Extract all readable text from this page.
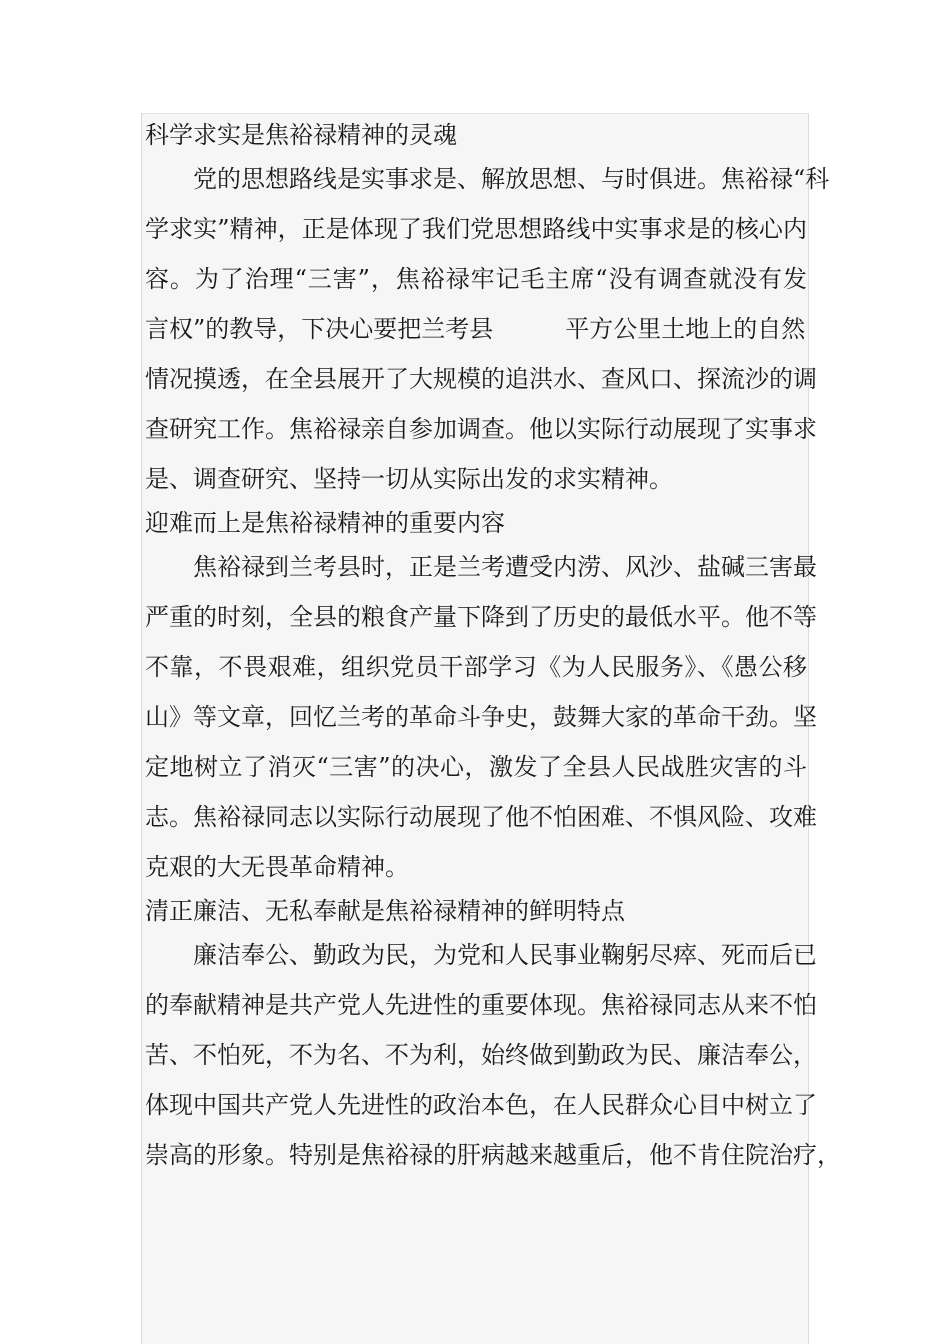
科学求实是焦裕禄精神的灵魂

党的思想路线是实事求是、解放思想、与时俱进。焦裕禄“科

学求实”精神，正是体现了我们党思想路线中实事求是的核心内

容。为了治理“三害”，焦裕禄牢记毛主席“没有调查就没有发

言权”的教导，下决心要把兰考县	平方公里土地上的自然

情况摸透，在全县展开了大规模的追洪水、查风口、探流沙的调

查研究工作。焦裕禄亲自参加调查。他以实际行动展现了实事求

是、调查研究、坚持一切从实际出发的求实精神。

迎难而上是焦裕禄精神的重要内容

焦裕禄到兰考县时，正是兰考遭受内涝、风沙、盐碱三害最

严重的时刻，全县的粮食产量下降到了历史的最低水平。他不等

不靠，不畏艰难，组织党员干部学习《为人民服务》、《愚公移

山》等文章，回忆兰考的革命斗争史，鼓舞大家的革命干劲。坚

定地树立了消灭“三害”的决心，激发了全县人民战胜灾害的斗

志。焦裕禄同志以实际行动展现了他不怕困难、不惧风险、攻难

克艰的大无畏革命精神。

清正廉洁、无私奉献是焦裕禄精神的鲜明特点

廉洁奉公、勤政为民，为党和人民事业鞠躬尽瘁、死而后已

的奉献精神是共产党人先进性的重要体现。焦裕禄同志从来不怕

苦、不怕死，不为名、不为利，始终做到勤政为民、廉洁奉公，

体现中国共产党人先进性的政治本色，在人民群众心目中树立了

崇高的形象。特别是焦裕禄的肝病越来越重后，他不肯住院治疗，
